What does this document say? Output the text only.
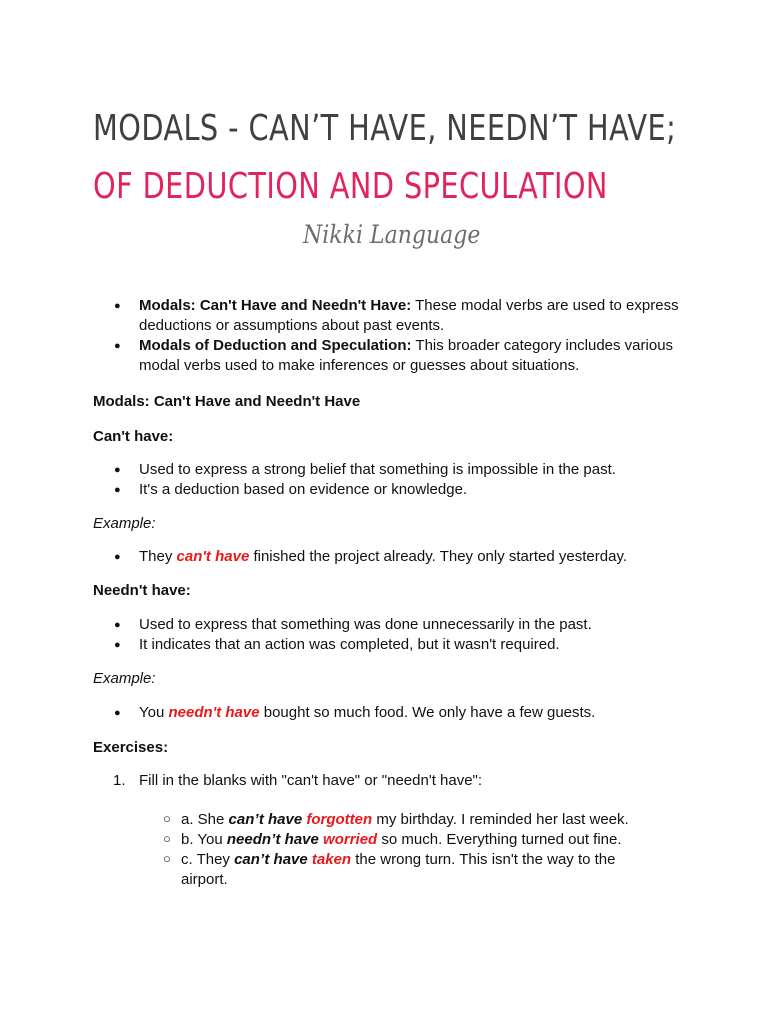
MODALS - CAN’T HAVE, NEEDN’T HAVE;
OF DEDUCTION AND SPECULATION
Nikki Language
● Modals: Can't Have and Needn't Have: These modal verbs are used to express deductions or assumptions about past events.
● Modals of Deduction and Speculation: This broader category includes various modal verbs used to make inferences or guesses about situations.
Modals: Can't Have and Needn't Have
Can't have:
● Used to express a strong belief that something is impossible in the past.
● It's a deduction based on evidence or knowledge.
Example:
● They can't have finished the project already. They only started yesterday.
Needn't have:
● Used to express that something was done unnecessarily in the past.
● It indicates that an action was completed, but it wasn't required.
Example:
● You needn't have bought so much food. We only have a few guests.
Exercises:
1. Fill in the blanks with "can't have" or "needn't have":
○ a. She can’t have forgotten my birthday. I reminded her last week.
○ b. You needn’t have worried so much. Everything turned out fine.
○ c. They can’t have taken the wrong turn. This isn't the way to the airport.
